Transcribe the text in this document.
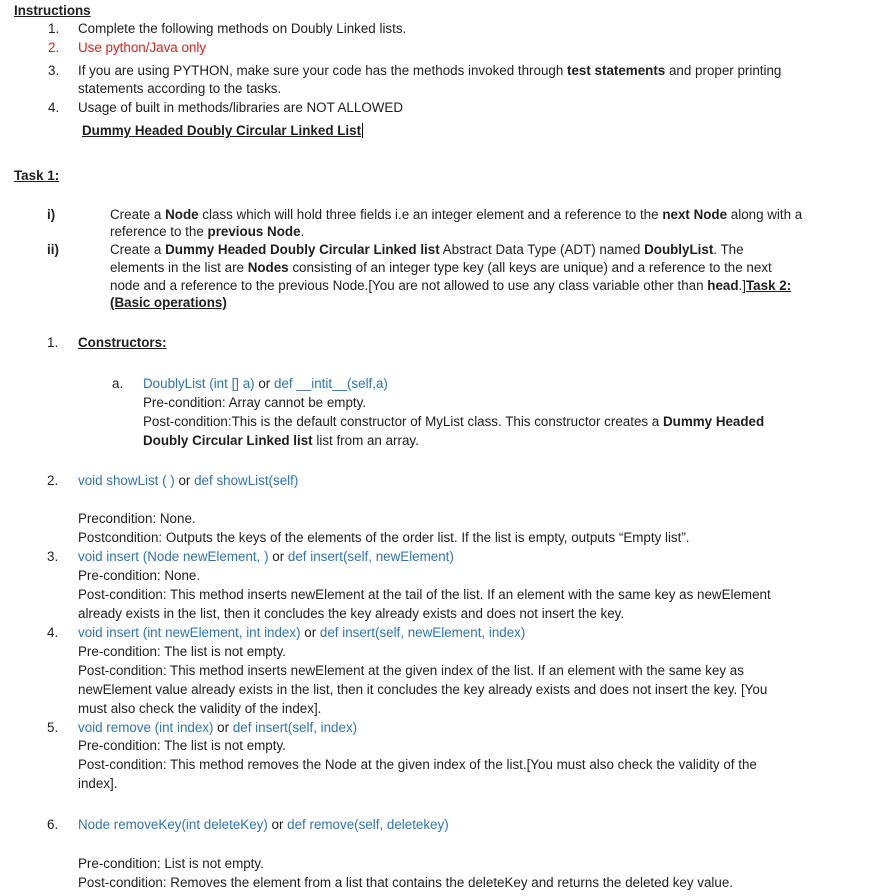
Instructions
1. Complete the following methods on Doubly Linked lists.
2. Use python/Java only
3. If you are using PYTHON, make sure your code has the methods invoked through test statements and proper printing
statements according to the tasks.
4. Usage of built in methods/libraries are NOT ALLOWED
Dummy Headed Doubly Circular Linked List
Task 1:
i)	Create a Node class which will hold three fields i.e an integer element and a reference to the next Node along with a
reference to the previous Node.
ii)	Create a Dummy Headed Doubly Circular Linked list Abstract Data Type (ADT) named DoublyList. The
elements in the list are Nodes consisting of an integer type key (all keys are unique) and a reference to the next
node and a reference to the previous Node.[You are not allowed to use any class variable other than head.]Task 2:
(Basic operations)
1. Constructors:
a. DoublyList (int [] a) or def __intit__(self,a)
Pre-condition: Array cannot be empty.
Post-condition:This is the default constructor of MyList class. This constructor creates a Dummy Headed
Doubly Circular Linked list list from an array.
2. void showList ( ) or def showList(self)
Precondition: None.
Postcondition: Outputs the keys of the elements of the order list. If the list is empty, outputs “Empty list”.
3. void insert (Node newElement, ) or def insert(self, newElement)
Pre-condition: None.
Post-condition: This method inserts newElement at the tail of the list. If an element with the same key as newElement
already exists in the list, then it concludes the key already exists and does not insert the key.
4. void insert (int newElement, int index) or def insert(self, newElement, index)
Pre-condition: The list is not empty.
Post-condition: This method inserts newElement at the given index of the list. If an element with the same key as
newElement value already exists in the list, then it concludes the key already exists and does not insert the key. [You
must also check the validity of the index].
5. void remove (int index) or def insert(self, index)
Pre-condition: The list is not empty.
Post-condition: This method removes the Node at the given index of the list.[You must also check the validity of the
index].
6. Node removeKey(int deleteKey) or def remove(self, deletekey)
Pre-condition: List is not empty.
Post-condition: Removes the element from a list that contains the deleteKey and returns the deleted key value.
